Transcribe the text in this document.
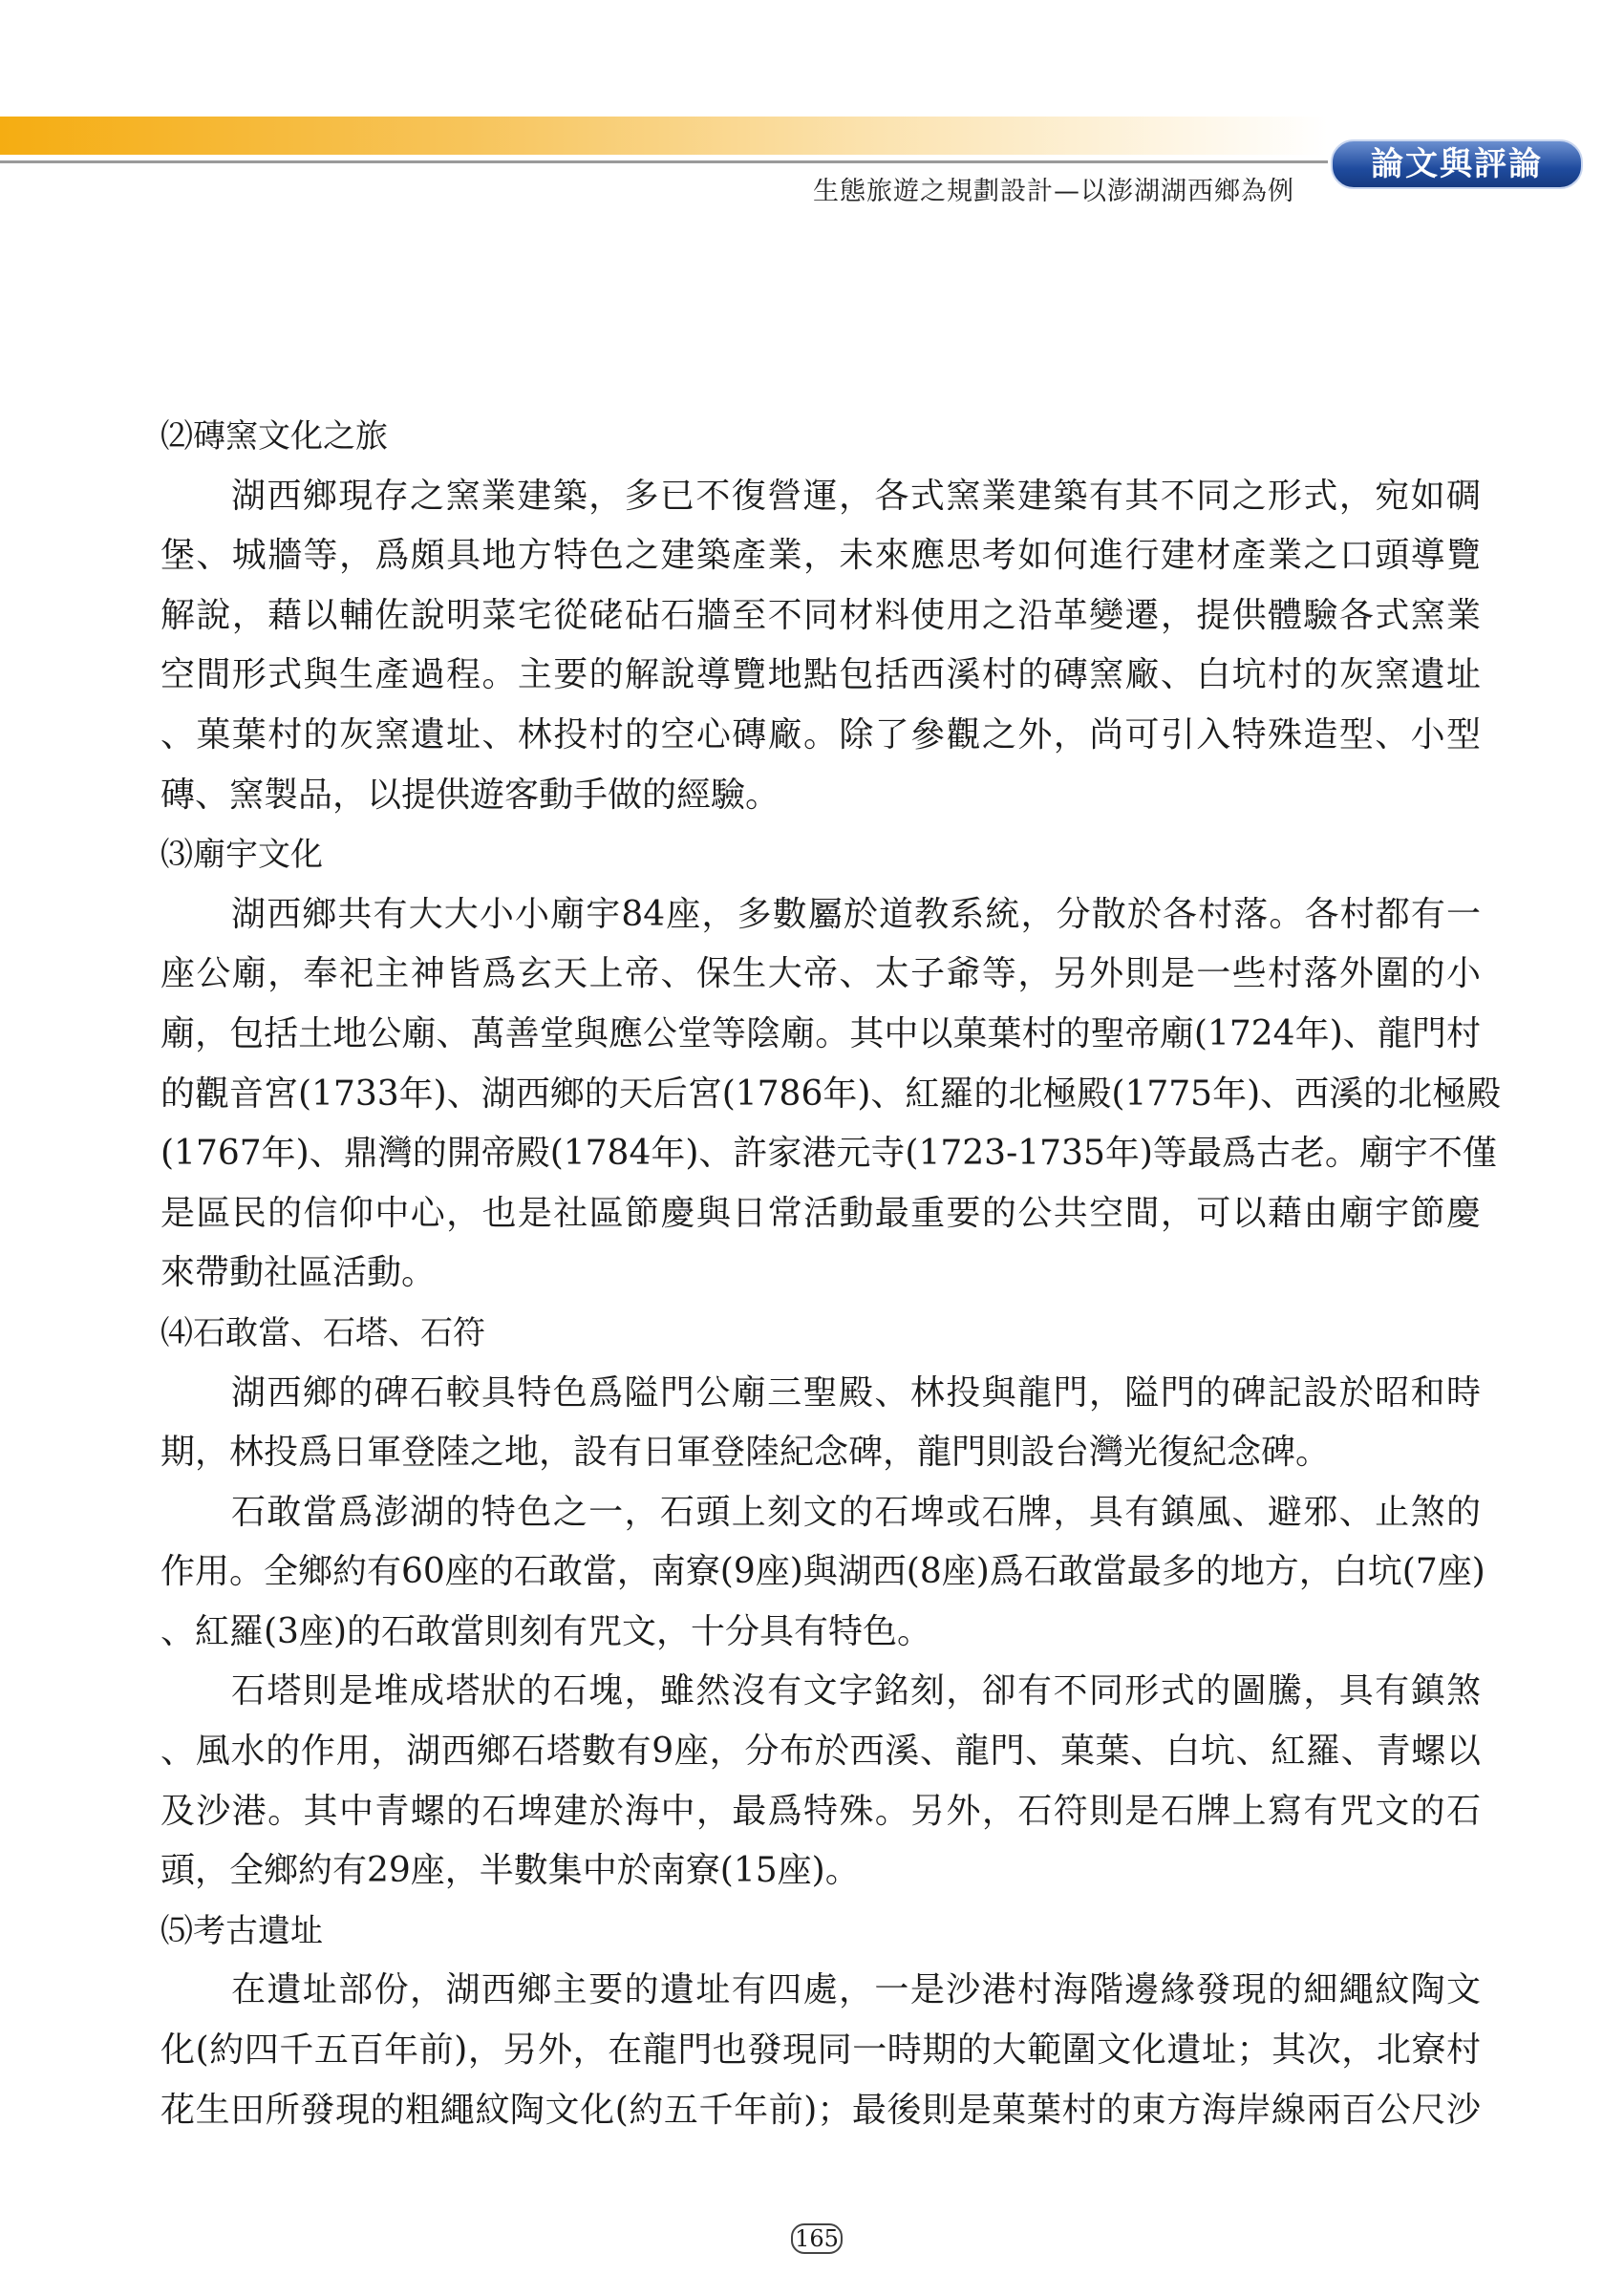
生態旅遊之規劃設計—以澎湖湖西鄉為例
論文與評論
⑵磚窯文化之旅
湖西鄉現存之窯業建築，多已不復營運，各式窯業建築有其不同之形式，宛如碉
堡、城牆等，爲頗具地方特色之建築產業，未來應思考如何進行建材產業之口頭導覽
解說，藉以輔佐說明菜宅從硓砧石牆至不同材料使用之沿革變遷，提供體驗各式窯業
空間形式與生產過程。主要的解說導覽地點包括西溪村的磚窯廠、白坑村的灰窯遺址
、菓葉村的灰窯遺址、林投村的空心磚廠。除了參觀之外，尚可引入特殊造型、小型
磚、窯製品，以提供遊客動手做的經驗。
⑶廟宇文化
湖西鄉共有大大小小廟宇84座，多數屬於道教系統，分散於各村落。各村都有一
座公廟，奉祀主神皆爲玄天上帝、保生大帝、太子爺等，另外則是一些村落外圍的小
廟，包括土地公廟、萬善堂與應公堂等陰廟。其中以菓葉村的聖帝廟(1724年)、龍門村
的觀音宮(1733年)、湖西鄉的天后宮(1786年)、紅羅的北極殿(1775年)、西溪的北極殿
(1767年)、鼎灣的開帝殿(1784年)、許家港元寺(1723-1735年)等最爲古老。廟宇不僅
是區民的信仰中心，也是社區節慶與日常活動最重要的公共空間，可以藉由廟宇節慶
來帶動社區活動。
⑷石敢當、石塔、石符
湖西鄉的碑石較具特色爲隘門公廟三聖殿、林投與龍門，隘門的碑記設於昭和時
期，林投爲日軍登陸之地，設有日軍登陸紀念碑，龍門則設台灣光復紀念碑。
石敢當爲澎湖的特色之一，石頭上刻文的石埤或石牌，具有鎮風、避邪、止煞的
作用。全鄉約有60座的石敢當，南寮(9座)與湖西(8座)爲石敢當最多的地方，白坑(7座)
、紅羅(3座)的石敢當則刻有咒文，十分具有特色。
石塔則是堆成塔狀的石塊，雖然沒有文字銘刻，卻有不同形式的圖騰，具有鎮煞
、風水的作用，湖西鄉石塔數有9座，分布於西溪、龍門、菓葉、白坑、紅羅、青螺以
及沙港。其中青螺的石埤建於海中，最爲特殊。另外，石符則是石牌上寫有咒文的石
頭，全鄉約有29座，半數集中於南寮(15座)。
⑸考古遺址
在遺址部份，湖西鄉主要的遺址有四處，一是沙港村海階邊緣發現的細繩紋陶文
化(約四千五百年前)，另外，在龍門也發現同一時期的大範圍文化遺址；其次，北寮村
花生田所發現的粗繩紋陶文化(約五千年前)；最後則是菓葉村的東方海岸線兩百公尺沙
165
